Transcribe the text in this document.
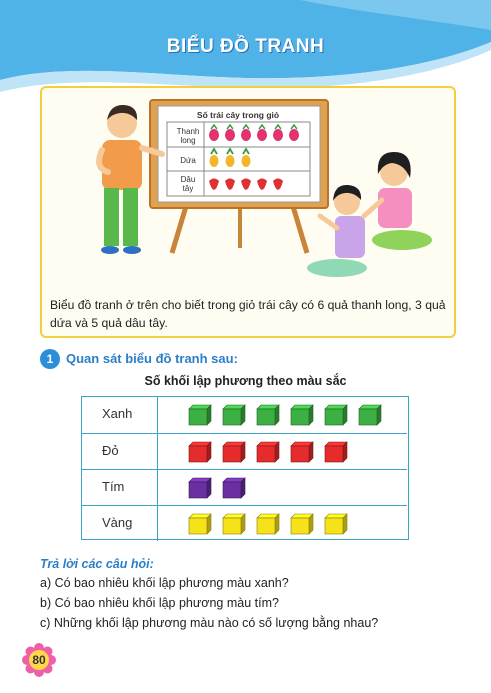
BIỂU ĐỒ TRANH
Số trái cây trong giỏ
Thanh
long
Dứa
Dâu
tây
Biểu đồ tranh ở trên cho biết trong giỏ trái cây có 6 quả thanh long, 3 quả dứa và 5 quả dâu tây.
1 Quan sát biểu đồ tranh sau:
Số khối lập phương theo màu sắc
Xanh
Đỏ
Tím
Vàng
Trả lời các câu hỏi:
a) Có bao nhiêu khối lập phương màu xanh?
b) Có bao nhiêu khối lập phương màu tím?
c) Những khối lập phương màu nào có số lượng bằng nhau?
80
